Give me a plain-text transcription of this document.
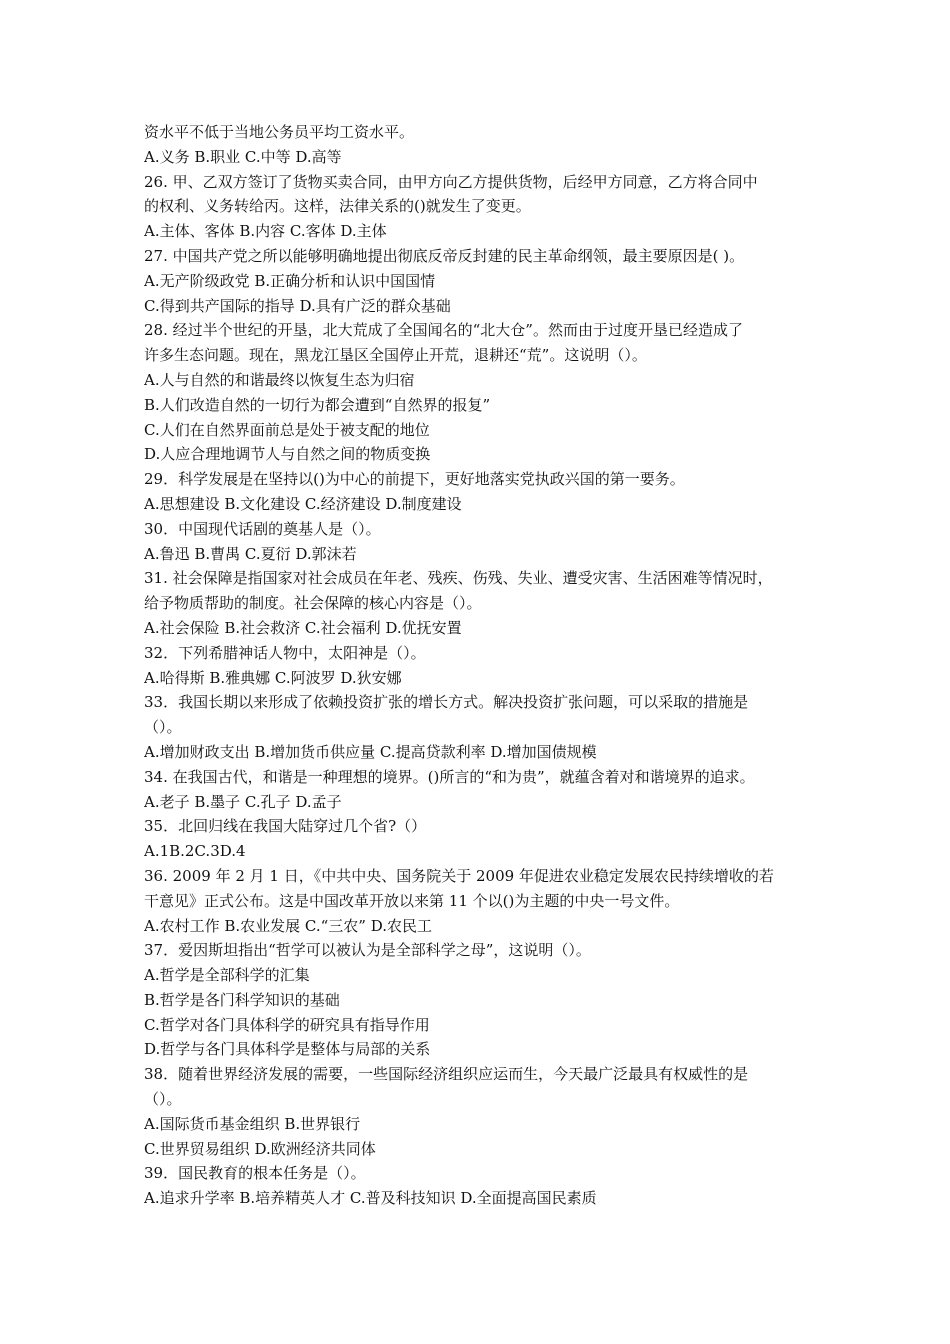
资水平不低于当地公务员平均工资水平。
A.义务 B.职业 C.中等 D.高等
26. 甲、乙双方签订了货物买卖合同，由甲方向乙方提供货物，后经甲方同意，乙方将合同中
的权利、义务转给丙。这样，法律关系的()就发生了变更。
A.主体、客体 B.内容 C.客体 D.主体
27. 中国共产党之所以能够明确地提出彻底反帝反封建的民主革命纲领，最主要原因是( )。
A.无产阶级政党 B.正确分析和认识中国国情
C.得到共产国际的指导 D.具有广泛的群众基础
28. 经过半个世纪的开垦，北大荒成了全国闻名的“北大仓”。然而由于过度开垦已经造成了
许多生态问题。现在，黑龙江垦区全国停止开荒，退耕还“荒”。这说明（）。
A.人与自然的和谐最终以恢复生态为归宿
B.人们改造自然的一切行为都会遭到“自然界的报复”
C.人们在自然界面前总是处于被支配的地位
D.人应合理地调节人与自然之间的物质变换
29．科学发展是在坚持以()为中心的前提下，更好地落实党执政兴国的第一要务。
A.思想建设 B.文化建设 C.经济建设 D.制度建设
30．中国现代话剧的奠基人是（）。
A.鲁迅 B.曹禺 C.夏衍 D.郭沫若
31. 社会保障是指国家对社会成员在年老、残疾、伤残、失业、遭受灾害、生活困难等情况时，
给予物质帮助的制度。社会保障的核心内容是（）。
A.社会保险 B.社会救济 C.社会福利 D.优抚安置
32．下列希腊神话人物中，太阳神是（）。
A.哈得斯 B.雅典娜 C.阿波罗 D.狄安娜
33．我国长期以来形成了依赖投资扩张的增长方式。解决投资扩张问题，可以采取的措施是
（）。
A.增加财政支出 B.增加货币供应量 C.提高贷款利率 D.增加国债规模
34. 在我国古代，和谐是一种理想的境界。()所言的“和为贵”，就蕴含着对和谐境界的追求。
A.老子 B.墨子 C.孔子 D.孟子
35．北回归线在我国大陆穿过几个省?（）
A.1B.2C.3D.4
36. 2009 年 2 月 1 日，《中共中央、国务院关于 2009 年促进农业稳定发展农民持续增收的若
干意见》正式公布。这是中国改革开放以来第 11 个以()为主题的中央一号文件。
A.农村工作 B.农业发展 C.“三农” D.农民工
37．爱因斯坦指出“哲学可以被认为是全部科学之母”，这说明（）。
A.哲学是全部科学的汇集
B.哲学是各门科学知识的基础
C.哲学对各门具体科学的研究具有指导作用
D.哲学与各门具体科学是整体与局部的关系
38．随着世界经济发展的需要，一些国际经济组织应运而生，今天最广泛最具有权威性的是
（）。
A.国际货币基金组织 B.世界银行
C.世界贸易组织 D.欧洲经济共同体
39．国民教育的根本任务是（）。
A.追求升学率 B.培养精英人才 C.普及科技知识 D.全面提高国民素质
